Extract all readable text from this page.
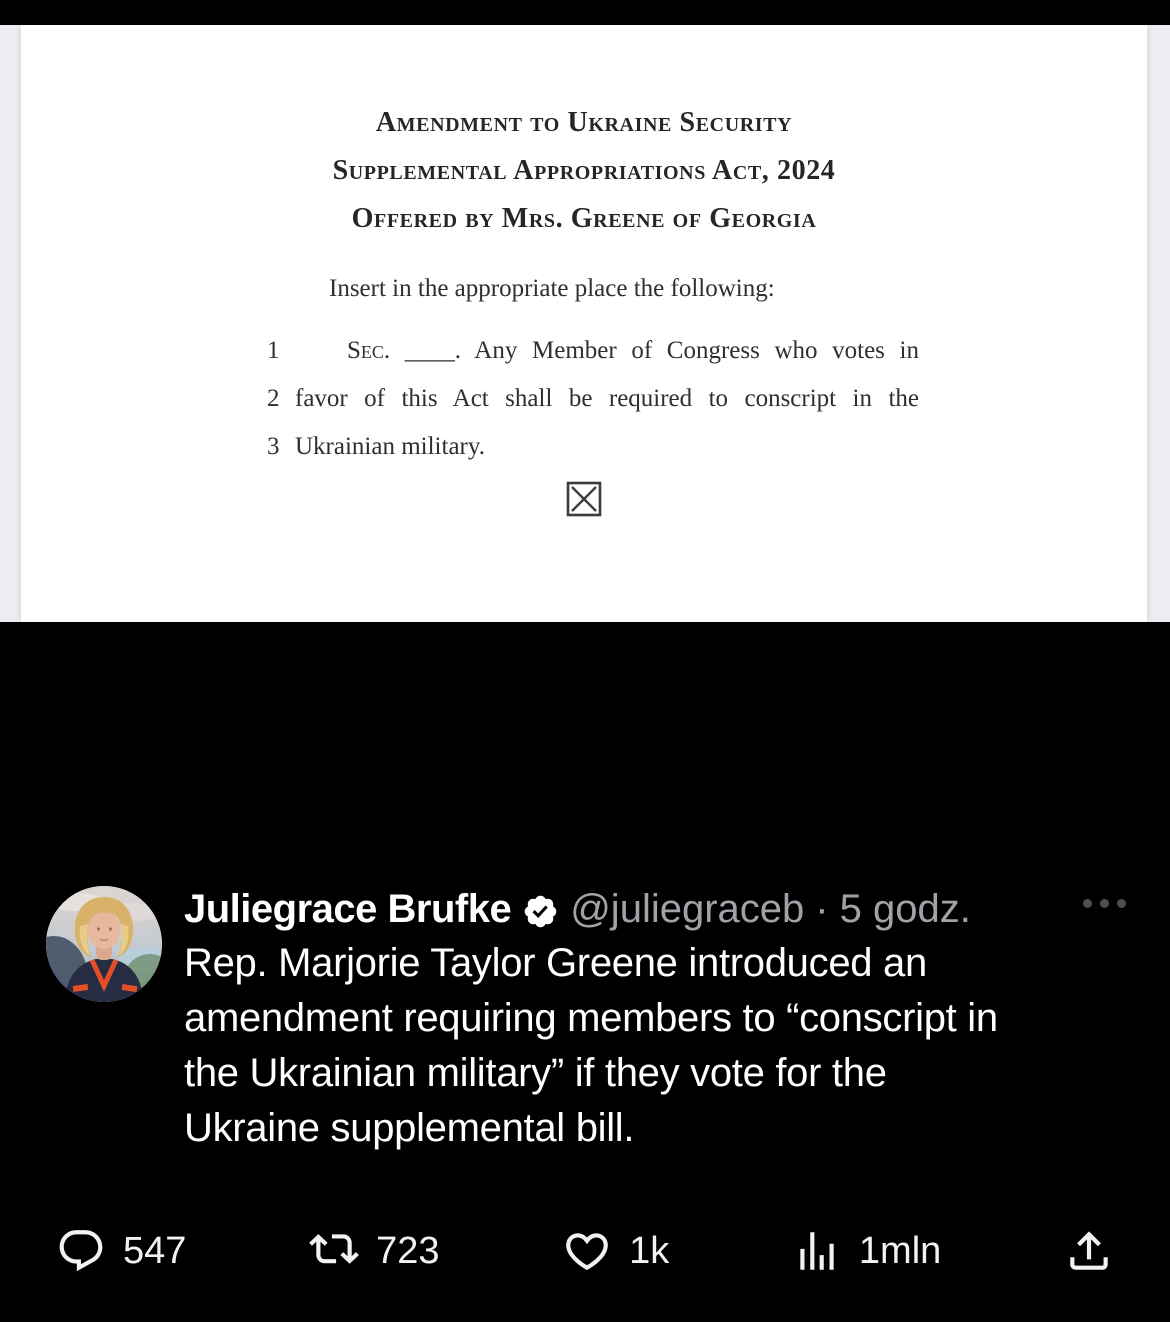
Amendment to Ukraine Security
Supplemental Appropriations Act, 2024
Offered by Mrs. Greene of Georgia
Insert in the appropriate place the following:
1	Sec. ____. Any Member of Congress who votes in
2 favor of this Act shall be required to conscript in the
3 Ukrainian military.
Juliegrace Brufke @juliegraceb · 5 godz.
Rep. Marjorie Taylor Greene introduced an
amendment requiring members to “conscript in
the Ukrainian military” if they vote for the
Ukraine supplemental bill.
547	723	1k	1mln
